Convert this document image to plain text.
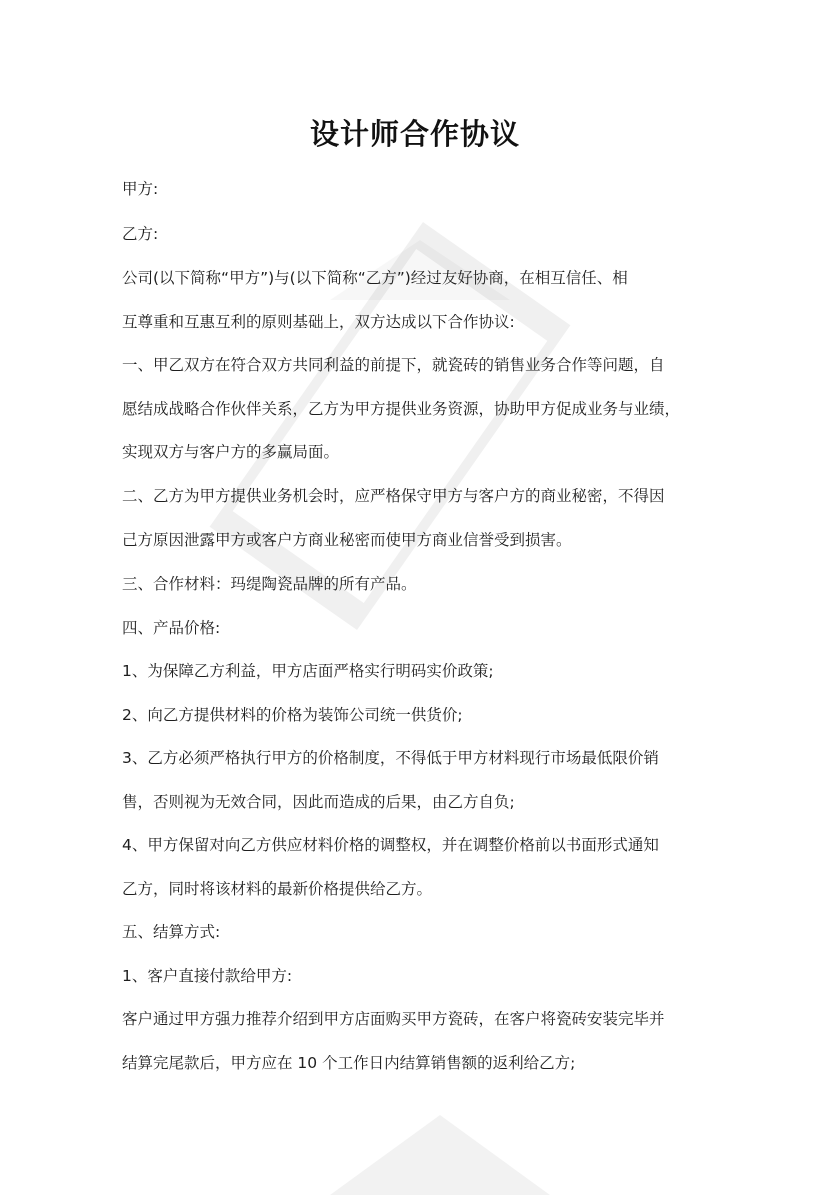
设计师合作协议
甲方:
乙方:
公司(以下简称“甲方”)与(以下简称“乙方”)经过友好协商，在相互信任、相
互尊重和互惠互利的原则基础上，双方达成以下合作协议:
一、甲乙双方在符合双方共同利益的前提下，就瓷砖的销售业务合作等问题，自
愿结成战略合作伙伴关系，乙方为甲方提供业务资源，协助甲方促成业务与业绩，
实现双方与客户方的多赢局面。
二、乙方为甲方提供业务机会时，应严格保守甲方与客户方的商业秘密，不得因
己方原因泄露甲方或客户方商业秘密而使甲方商业信誉受到损害。
三、合作材料：玛缇陶瓷品牌的所有产品。
四、产品价格:
1、为保障乙方利益，甲方店面严格实行明码实价政策;
2、向乙方提供材料的价格为装饰公司统一供货价;
3、乙方必须严格执行甲方的价格制度，不得低于甲方材料现行市场最低限价销
售，否则视为无效合同，因此而造成的后果，由乙方自负;
4、甲方保留对向乙方供应材料价格的调整权，并在调整价格前以书面形式通知
乙方，同时将该材料的最新价格提供给乙方。
五、结算方式:
1、客户直接付款给甲方:
客户通过甲方强力推荐介绍到甲方店面购买甲方瓷砖，在客户将瓷砖安装完毕并
结算完尾款后，甲方应在 10 个工作日内结算销售额的返利给乙方;
